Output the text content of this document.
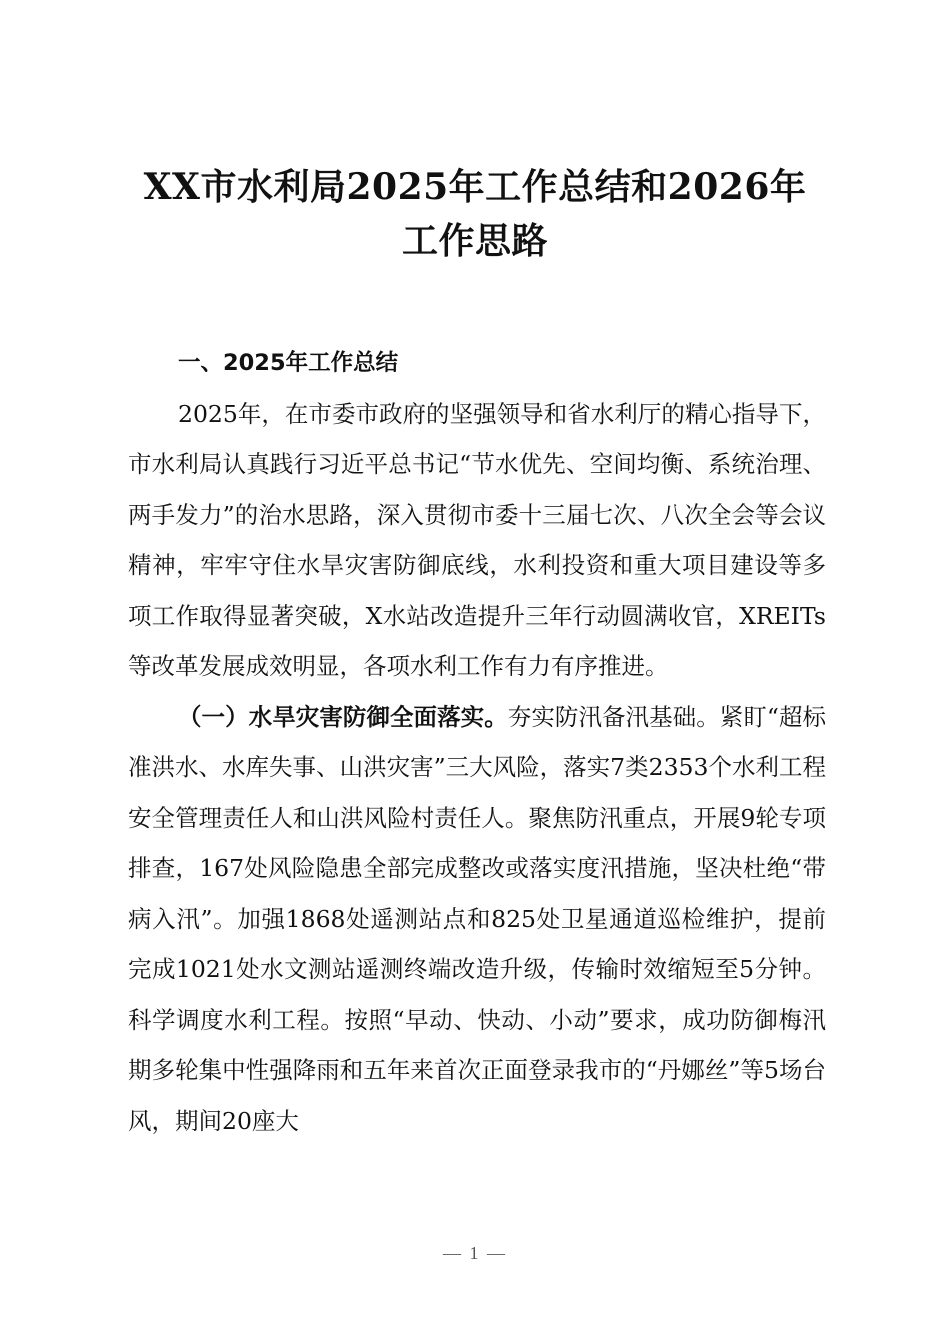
XX市水利局2025年工作总结和2026年
工作思路

一、2025年工作总结

2025年，在市委市政府的坚强领导和省水利厅的精心指导下，市水利局认真践行习近平总书记“节水优先、空间均衡、系统治理、两手发力”的治水思路，深入贯彻市委十三届七次、八次全会等会议精神，牢牢守住水旱灾害防御底线，水利投资和重大项目建设等多项工作取得显著突破，X水站改造提升三年行动圆满收官，XREITs等改革发展成效明显，各项水利工作有力有序推进。

（一）水旱灾害防御全面落实。夯实防汛备汛基础。紧盯“超标准洪水、水库失事、山洪灾害”三大风险，落实7类2353个水利工程安全管理责任人和山洪风险村责任人。聚焦防汛重点，开展9轮专项排查，167处风险隐患全部完成整改或落实度汛措施，坚决杜绝“带病入汛”。加强1868处遥测站点和825处卫星通道巡检维护，提前完成1021处水文测站遥测终端改造升级，传输时效缩短至5分钟。科学调度水利工程。按照“早动、快动、小动”要求，成功防御梅汛期多轮集中性强降雨和五年来首次正面登录我市的“丹娜丝”等5场台风，期间20座大

— 1 —
